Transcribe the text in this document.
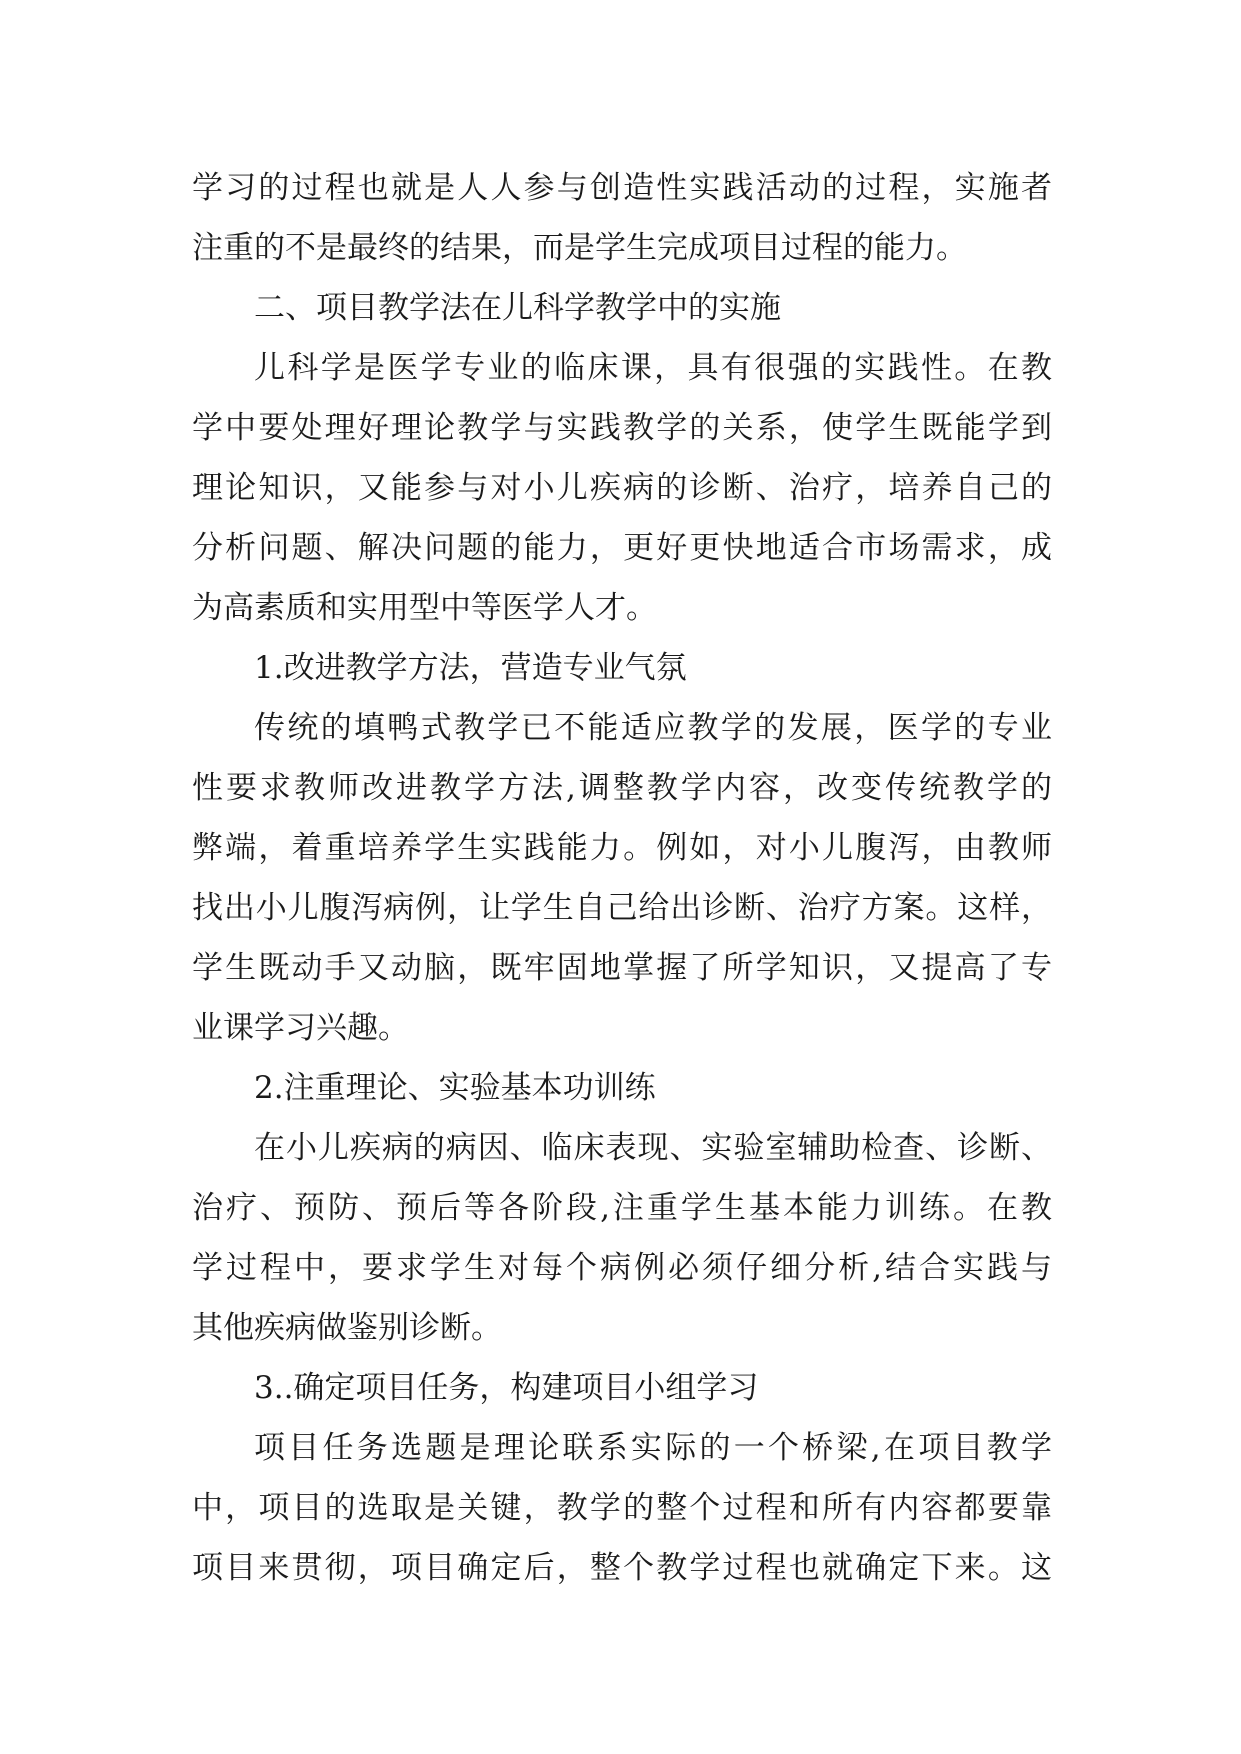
学习的过程也就是人人参与创造性实践活动的过程，实施者
注重的不是最终的结果，而是学生完成项目过程的能力。
二、项目教学法在儿科学教学中的实施
儿科学是医学专业的临床课，具有很强的实践性。在教
学中要处理好理论教学与实践教学的关系，使学生既能学到
理论知识，又能参与对小儿疾病的诊断、治疗，培养自己的
分析问题、解决问题的能力，更好更快地适合市场需求，成
为高素质和实用型中等医学人才。
1.改进教学方法，营造专业气氛
传统的填鸭式教学已不能适应教学的发展，医学的专业
性要求教师改进教学方法,调整教学内容，改变传统教学的
弊端，着重培养学生实践能力。例如，对小儿腹泻，由教师
找出小儿腹泻病例，让学生自己给出诊断、治疗方案。这样，
学生既动手又动脑，既牢固地掌握了所学知识，又提高了专
业课学习兴趣。
2.注重理论、实验基本功训练
在小儿疾病的病因、临床表现、实验室辅助检查、诊断、
治疗、预防、预后等各阶段,注重学生基本能力训练。在教
学过程中，要求学生对每个病例必须仔细分析,结合实践与
其他疾病做鉴别诊断。
3..确定项目任务，构建项目小组学习
项目任务选题是理论联系实际的一个桥梁,在项目教学
中，项目的选取是关键，教学的整个过程和所有内容都要靠
项目来贯彻，项目确定后，整个教学过程也就确定下来。这
